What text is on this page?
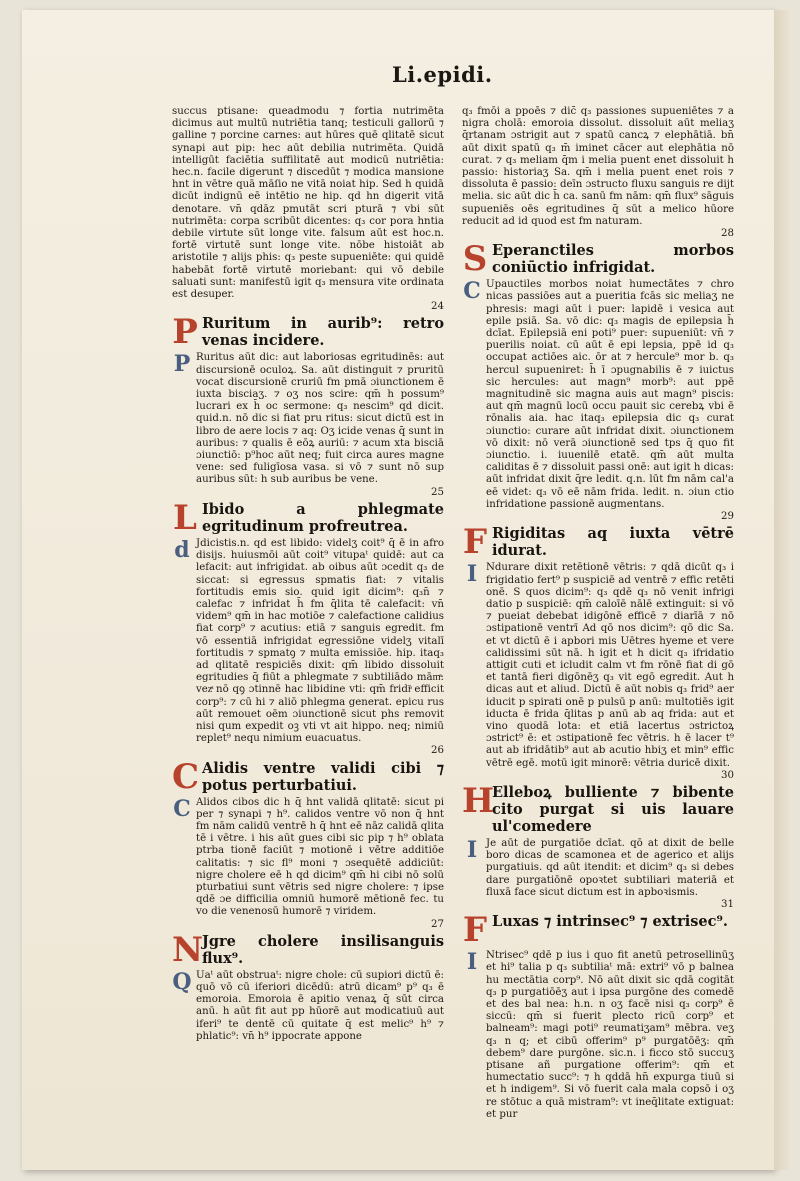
Li.epidi.

succus ptisane: queadmodu ⁊ fortia nutrimēta dicimus aut multū nutriētia tanq; testiculi gallorū ⁊ galline ⁊ porcine carnes: aut hūres quē qlitatē sicut synapi aut pip: hec aūt debilia nutrimēta. Quidā intelligūt faciētia suffilitatē aut modicū nutriētia: hec.n. facile digerunt ⁊ discedūt ⁊ modica mansione hnt in vētre quā māſio ne vitā noiat hip. Sed h quidā dicūt indignū eē intētio ne hip. qd hn digerit vitā denotare. vn̄ qdāz pmutāt scri pturā ⁊ vbi sūt nutrimēta: corpa scribūt dicentes: q₃ cor pora hntia debile virtute sūt longe vite. falsum aūt est hoc.n. fortē virtutē sunt longe vite. nōbe histoiāt ab aristotile ⁊ alijs phis: q₃ peste supueniēte: qui quidē habebāt fortē virtutē moriebant: qui vō debile saluati sunt: manifestū igit q₃ mensura vite ordinata est desuper.

24

P Ruritum in aurib⁹: retro venas incidere.
P Ruritus aūt dic: aut laboriosas egritudinēs: aut discursionē oculoꝝ. Sa. aūt distinguit ⁊ pruritū vocat discursionē cruriū fm pmā ɔiunctionem ē iuxta bisciaʒ. ⁊ oʒ nos scire: qm̄ h possum⁹ lucrari ex h̄ oc sermone: q₃ nescim⁹ qd dicit. quid.n. nō dic si fiat pru ritus: sicut dictū est in libro de aere locis ⁊ aq: Oʒ icide venas q̄ sunt in auribus: ⁊ qualis ē eōꝝ auriū: ⁊ acum xta bisciā ɔiunctiō: p⁹hoc aūt neq; fuit circa aures magne vene: sed fuligīosa vasa. si vō ⁊ sunt nō sup auribus sūt: h sub auribus be vene.

25

L Ibido a phlegmate egritudinum profreutrea.
d Jdicistis.n. qd est libido: videlʒ coit⁹ q̄ ē in afro disijs. huiusmōi aūt coit⁹ vitupaᵗ quidē: aut ca lefacit: aut infrigidat. ab oibus aūt ɔcedit q₃ de siccat: si egressus spmatis fiat: ⁊ vitalis fortitudis emis sio. quid igit dicim⁹: q₃n̄ ⁊ calefac ⁊ infridat h̄ fm q̄lita tē calefacit: vn̄ videm⁹ qm̄ in hac motiōe ⁊ calefactione calidius fiat corp⁹ ⁊ acutius: etiā ⁊ sanguis egredit. fm vō essentiā infrigidat egressiōne videlʒ vitalī fortitudis ⁊ spmatꝯ ⁊ multa emissiōe. hip. itaq₃ ad qlitatē respiciēs dixit: qm̄ libido dissoluit egritudies q̄ fiūt a phlegmate ⁊ subtiliādo māmͣ: vezͣ nō qꝯ ɔtinnē hac libidine vti: qm̄ fridīͣ efficit corp⁹: ⁊ cū hi ⁊ aliō phlegma generat. epicu rus aūt remouet oēm ɔiunctionē sicut phs removit nisi qum expedit oꝫ vti vt ait hippo. neq; nimiū replet⁹ nequ nimium euacuatus.

26

C Alidis ventre validi cibi ⁊ potus perturbatiui.
C Alidos cibos dic h q̄ hnt validā qlitatē: sicut pi per ⁊ synapi ⁊ h⁹. calidos ventre vō non q̄ hnt fm nām calidū ventrē h q̄ hnt eē nāz calidā qlita tē i vētre. i his aūt gues cibi sic pip ⁊ h⁹ oblata ptrba tionē faciūt ⁊ motionē i vētre additiōe calitatis: ⁊ sic fl⁹ moni ⁊ ɔsequētē addiciūt: nigre cholere eē h qd dicim⁹ qm̄ hi cibi nō solū pturbatiui sunt vētris sed nigre cholere: ⁊ ipse qdē ɔe difficilia omniū humorē mētionē fec. tu vo die venenosū humorē ⁊ viridem.

27

N
Jgre cholere insilisanguis flux⁹.
Q Uaᵗ aūt obstruaᵗ: nigre chole: cū supiori dictū ē: quō vō cū iferiori dicēdū: atrū dicam⁹ p⁹ q₃ ē emoroia. Emoroia ē apitio venaꝝ q̄ sūt circa anū. h aūt fit aut pp hūorē aut modicatiuū aut iferi⁹ te dentē cū quitate q̄ est melic⁹ h⁹ ⁊ phlatic⁹: vn̄ h⁹ ippocrate appone

q₃ fmōi a ppoēs ⁊ dic̄ q₃ passiones supueniētes ⁊ a nigra cholā: emoroia dissolut. dissoluit aūt meliaʒ q̄rtanam ɔstrigit aut ⁊ spatū cancꝝ ⁊ elephātiā. bn̄ aūt dixit spatū q₃ m̄ iminet cācer aut elephātia nō curat. ⁊ q₃ meliam q̄m i melia puent enet dissoluit h passio: historiaʒ Sa. qm̄ i melia puent enet rois ⁊ dissoluta ē passio: deīn ɔstructo fluxu sanguis re dijt melia. sic aūt dic h̄ ca. sanū fm nām: qm̄ flux⁹ sāguis supueniēs oēs egritudines q̄ sūt a melico hūore reducit ad id quod est fm naturam.

28

S Eperanctiles morbos coniūctio infrigidat.
C Upauctiles morbos noiat humectātes ⁊ chro nicas passiōes aut a pueritia fcās sic meliaʒ ne phresis: magi aūt i puer: lapidē i vesica aut epile psiā. Sa. vō dic: q₃ magis de epilepsia h̄ dcīat. Epilepsiā eni poti⁹ puer: supueniūt: vn̄ ⁊ puerilis noiat. cū aūt ē epi lepsia, ppē id q₃ occupat actiōes aic. ōr at ⁊ hercule⁹ mor b. q₃ hercul supueniret: h̄ ī ɔpugnabilis ē ⁊ iuictus sic hercules: aut magn⁹ morb⁹: aut ppē magnitudinē sic magna auis aut magn⁹ piscis: aut qm̄ magnū locū occu pauit sic cerebꝝ vbi ē rōnalis aia. hac itaq₃ epilepsia dic q₃ curat ɔiunctio: curare aūt infridat dixit. ɔiunctionem vō dixit: nō verā ɔiunctionē sed tps q̄ quo fit ɔiunctio. i. iuuenilē etatē. qm̄ aūt multa caliditas ē ⁊ dissoluit passi onē: aut igit h dicas: aūt infridat dixit q̄re ledit. q.n. lūt fm nām cal'a eē videt: q₃ vō eē nām frida. ledit. n. ɔiun ctio infridatione passionē augmentans.

29

F Rigiditas aq iuxta vētrē idurat.
I Ndurare dixit retētionē vētris: ⁊ qdā dicūt q₃ i frigidatio fert⁹ p suspiciē ad ventrē ⁊ effic retēti onē. S quos dicim⁹: q₃ qdē q₃ nō venit infrigi datio p suspiciē: qm̄ caloīē nālē extinguit: si vō ⁊ pueiat debebat idigōnē efficē ⁊ diarīā ⁊ nō ɔstipationē ventrī Ad qō nos dicim⁹: qō dic Sa. et vt dictū ē i apbori mis Uētres hyeme et vere calidissimi sūt nā. h igit et h dicit q₃ ifridatio attigit cuti et icludit calm vt fm rōnē fiat di gō et tantā fieri digōnēʒ q₃ vit egō egredit. Aut h dicas aut et aliud. Dictū ē aūt nobis q₃ frid⁹ aer iducit p spirati onē p pulsū p anū: multotiēs igit iducta ē frida q̄litas p anū ab aq frida: aut et vino quodā lota: et etiā lacertus ɔstrictoꝝ ɔstrict⁹ ē: et ɔstipationē fec vētris. h ē lacer t⁹ aut ab ifridātib⁹ aut ab acutio hbiʒ et min⁹ effic vētrē egē. motū igit minorē: vētria duricē dixit.

30

H
Elleboꝝ bulliente ⁊ bibente cito purgat si uis lauare ul'comedere
I Je aūt de purgatiōe dcīat. qō at dixit de belle boro dicas de scamonea et de agerico et alijs purgatiuis. qd aūt itendit: et dicim⁹ q₃ si debes dare purgatiōnē opoꝛtet subtiliari materiā et fluxā face sicut dictum est in apboꝛismis.

31

F Luxas ⁊ intrinsec⁹ ⁊ extrisec⁹.
I Ntrisec⁹ qdē p ius i quo fit anetū petrosellinūʒ et hi⁹ talia p q₃ subtiliaᵗ mā: extri⁹ vō p balnea hu mectātia corp⁹. Nō aūt dixit sic qdā cogitāt q₃ p purgatiōēʒ aut i ipsa purgōne des comedē et des bal nea: h.n. n oʒ facē nisi q₃ corp⁹ ē siccū: qm̄ si fuerit plecto ricū corp⁹ et balneam⁹: magi poti⁹ reumatiʒam⁹ mēbra. veʒ q₃ n q; et cibū offerim⁹ p⁹ purgatōēʒ: qm̄ debem⁹ dare purgōne. sic.n. i ficco stō succuʒ ptisane añ purgatione offerim⁹: qm̄ et humectatio succ⁹: ⁊ h qddā hn̄ expurga tiuū si et h indigem⁹. Si vō fuerit cala mala copsō i oʒ re stōtuc a quā mistram⁹: vt ineq̄litate extiguat: et pur
